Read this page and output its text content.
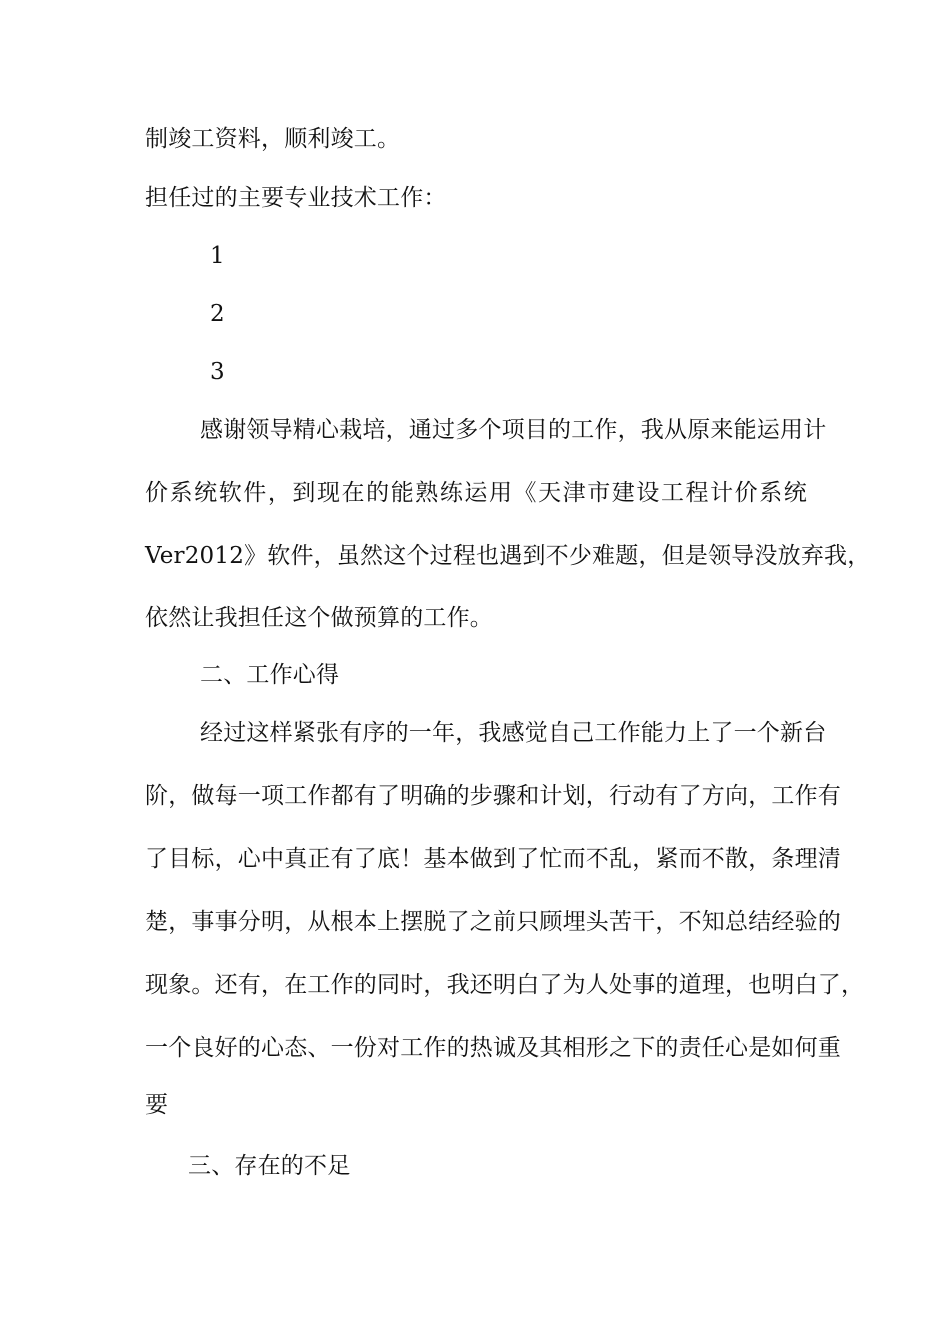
制竣工资料，顺利竣工。
担任过的主要专业技术工作：
1
2
3
感谢领导精心栽培，通过多个项目的工作，我从原来能运用计
价系统软件，到现在的能熟练运用《天津市建设工程计价系统
Ver2012》软件，虽然这个过程也遇到不少难题，但是领导没放弃我，
依然让我担任这个做预算的工作。
二、工作心得
经过这样紧张有序的一年，我感觉自己工作能力上了一个新台
阶，做每一项工作都有了明确的步骤和计划，行动有了方向，工作有
了目标，心中真正有了底！基本做到了忙而不乱，紧而不散，条理清
楚，事事分明，从根本上摆脱了之前只顾埋头苦干，不知总结经验的
现象。还有，在工作的同时，我还明白了为人处事的道理，也明白了，
一个良好的心态、一份对工作的热诚及其相形之下的责任心是如何重
要
三、存在的不足
